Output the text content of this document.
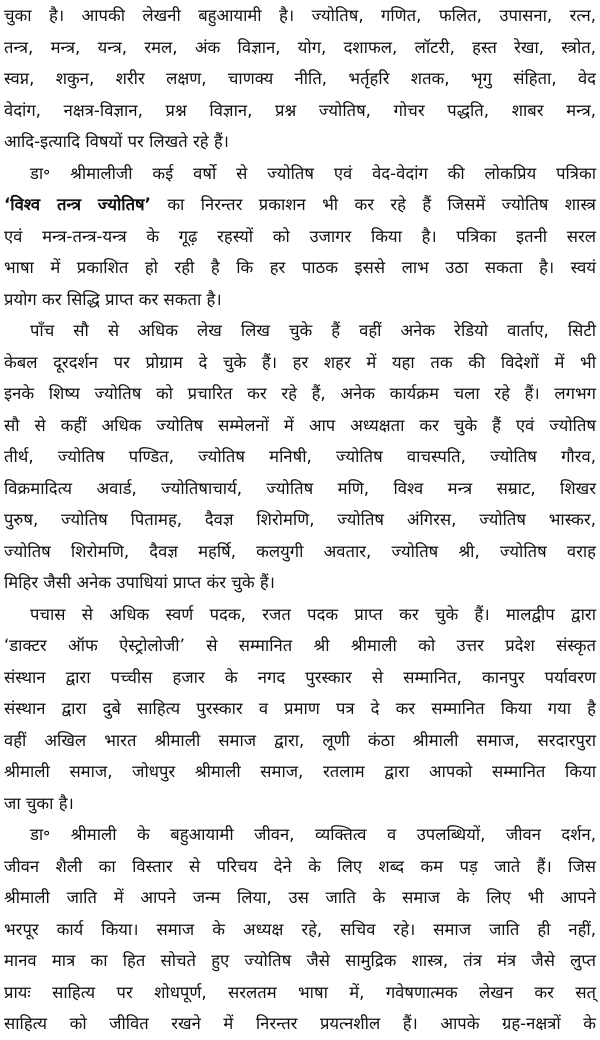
चुका है। आपकी लेखनी बहुआयामी है। ज्योतिष, गणित, फलित, उपासना, रत्न,
तन्त्र, मन्त्र, यन्त्र, रमल, अंक विज्ञान, योग, दशाफल, लॉटरी, हस्त रेखा, स्त्रोत,
स्वप्न, शकुन, शरीर लक्षण, चाणक्य नीति, भर्तृहरि शतक, भृगु संहिता, वेद
वेदांग, नक्षत्र-विज्ञान, प्रश्न विज्ञान, प्रश्न ज्योतिष, गोचर पद्धति, शाबर मन्त्र,
आदि-इत्यादि विषयों पर लिखते रहे हैं।
डा॰ श्रीमालीजी कई वर्षो से ज्योतिष एवं वेद-वेदांग की लोकप्रिय पत्रिका
‘विश्व तन्त्र ज्योतिष’ का निरन्तर प्रकाशन भी कर रहे हैं जिसमें ज्योतिष शास्त्र
एवं मन्त्र-तन्त्र-यन्त्र के गूढ़ रहस्यों को उजागर किया है। पत्रिका इतनी सरल
भाषा में प्रकाशित हो रही है कि हर पाठक इससे लाभ उठा सकता है। स्वयं
प्रयोग कर सिद्धि प्राप्त कर सकता है।
पाँच सौ से अधिक लेख लिख चुके हैं वहीं अनेक रेडियो वार्ताए, सिटी
केबल दूरदर्शन पर प्रोग्राम दे चुके हैं। हर शहर में यहा तक की विदेशों में भी
इनके शिष्य ज्योतिष को प्रचारित कर रहे हैं, अनेक कार्यक्रम चला रहे हैं। लगभग
सौ से कहीं अधिक ज्योतिष सम्मेलनों में आप अध्यक्षता कर चुके हैं एवं ज्योतिष
तीर्थ, ज्योतिष पण्डित, ज्योतिष मनिषी, ज्योतिष वाचस्पति, ज्योतिष गौरव,
विक्रमादित्य अवार्ड, ज्योतिषाचार्य, ज्योतिष मणि, विश्व मन्त्र सम्राट, शिखर
पुरुष, ज्योतिष पितामह, दैवज्ञ शिरोमणि, ज्योतिष अंगिरस, ज्योतिष भास्कर,
ज्योतिष शिरोमणि, दैवज्ञ महर्षि, कलयुगी अवतार, ज्योतिष श्री, ज्योतिष वराह
मिहिर जैसी अनेक उपाधियां प्राप्त कंर चुके हैं।
पचास से अधिक स्वर्ण पदक, रजत पदक प्राप्त कर चुके हैं। मालद्वीप द्वारा
‘डाक्टर ऑफ ऐस्ट्रोलोजी’ से सम्मानित श्री श्रीमाली को उत्तर प्रदेश संस्कृत
संस्थान द्वारा पच्चीस हजार के नगद पुरस्कार से सम्मानित, कानपुर पर्यावरण
संस्थान द्वारा दुबे साहित्य पुरस्कार व प्रमाण पत्र दे कर सम्मानित किया गया है
वहीं अखिल भारत श्रीमाली समाज द्वारा, लूणी कंठा श्रीमाली समाज, सरदारपुरा
श्रीमाली समाज, जोधपुर श्रीमाली समाज, रतलाम द्वारा आपको सम्मानित किया
जा चुका है।
डा॰ श्रीमाली के बहुआयामी जीवन, व्यक्तित्व व उपलब्धियों, जीवन दर्शन,
जीवन शैली का विस्तार से परिचय देने के लिए शब्द कम पड़ जाते हैं। जिस
श्रीमाली जाति में आपने जन्म लिया, उस जाति के समाज के लिए भी आपने
भरपूर कार्य किया। समाज के अध्यक्ष रहे, सचिव रहे। समाज जाति ही नहीं,
मानव मात्र का हित सोचते हुए ज्योतिष जैसे सामुद्रिक शास्त्र, तंत्र मंत्र जैसे लुप्त
प्रायः साहित्य पर शोधपूर्ण, सरलतम भाषा में, गवेषणात्मक लेखन कर सत्
साहित्य को जीवित रखने में निरन्तर प्रयत्नशील हैं। आपके ग्रह-नक्षत्रों के
